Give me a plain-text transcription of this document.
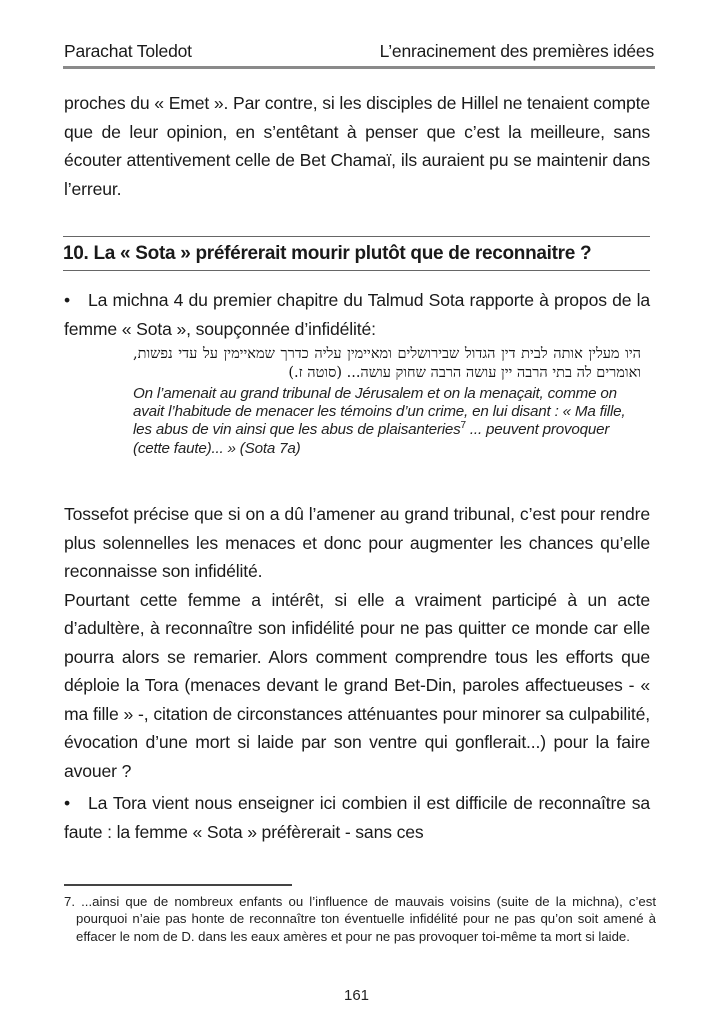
Parachat Toledot	L’enracinement des premières idées

proches du « Emet ». Par contre, si les disciples de Hillel ne tenaient compte que de leur opinion, en s’entêtant à penser que c’est la meilleure, sans écouter attentivement celle de Bet Chamaï, ils auraient pu se maintenir dans l’erreur.

10. La « Sota » préférerait mourir plutôt que de reconnaitre ?

• La michna 4 du premier chapitre du Talmud Sota rapporte à propos de la femme « Sota », soupçonnée d’infidélité:

היו מעלין אותה לבית דין הגדול שבירושלים ומאיימין עליה כדרך שמאיימין על עדי נפשות, ואומרים לה בתי הרבה יין עושה הרבה שחוק עושה... (סוטה ז.)
On l’amenait au grand tribunal de Jérusalem et on la menaçait, comme on avait l’habitude de menacer les témoins d’un crime, en lui disant : « Ma fille, les abus de vin ainsi que les abus de plaisanteries$^7$ ... peuvent provoquer (cette faute)... » (Sota 7a)

Tossefot précise que si on a dû l’amener au grand tribunal, c’est pour rendre plus solennelles les menaces et donc pour augmenter les chances qu’elle reconnaisse son infidélité.

Pourtant cette femme a intérêt, si elle a vraiment participé à un acte d’adultère, à reconnaître son infidélité pour ne pas quitter ce monde car elle pourra alors se remarier. Alors comment comprendre tous les efforts que déploie la Tora (menaces devant le grand Bet-Din, paroles affectueuses - « ma fille » -, citation de circonstances atténuantes pour minorer sa culpabilité, évocation d’une mort si laide par son ventre qui gonflerait...) pour la faire avouer ?

• La Tora vient nous enseigner ici combien il est difficile de reconnaître sa faute : la femme « Sota » préfèrerait - sans ces

7. ...ainsi que de nombreux enfants ou l’influence de mauvais voisins (suite de la michna), c’est pourquoi n’aie pas honte de reconnaître ton éventuelle infidélité pour ne pas qu’on soit amené à effacer le nom de D. dans les eaux amères et pour ne pas provoquer toi-même ta mort si laide.
161
